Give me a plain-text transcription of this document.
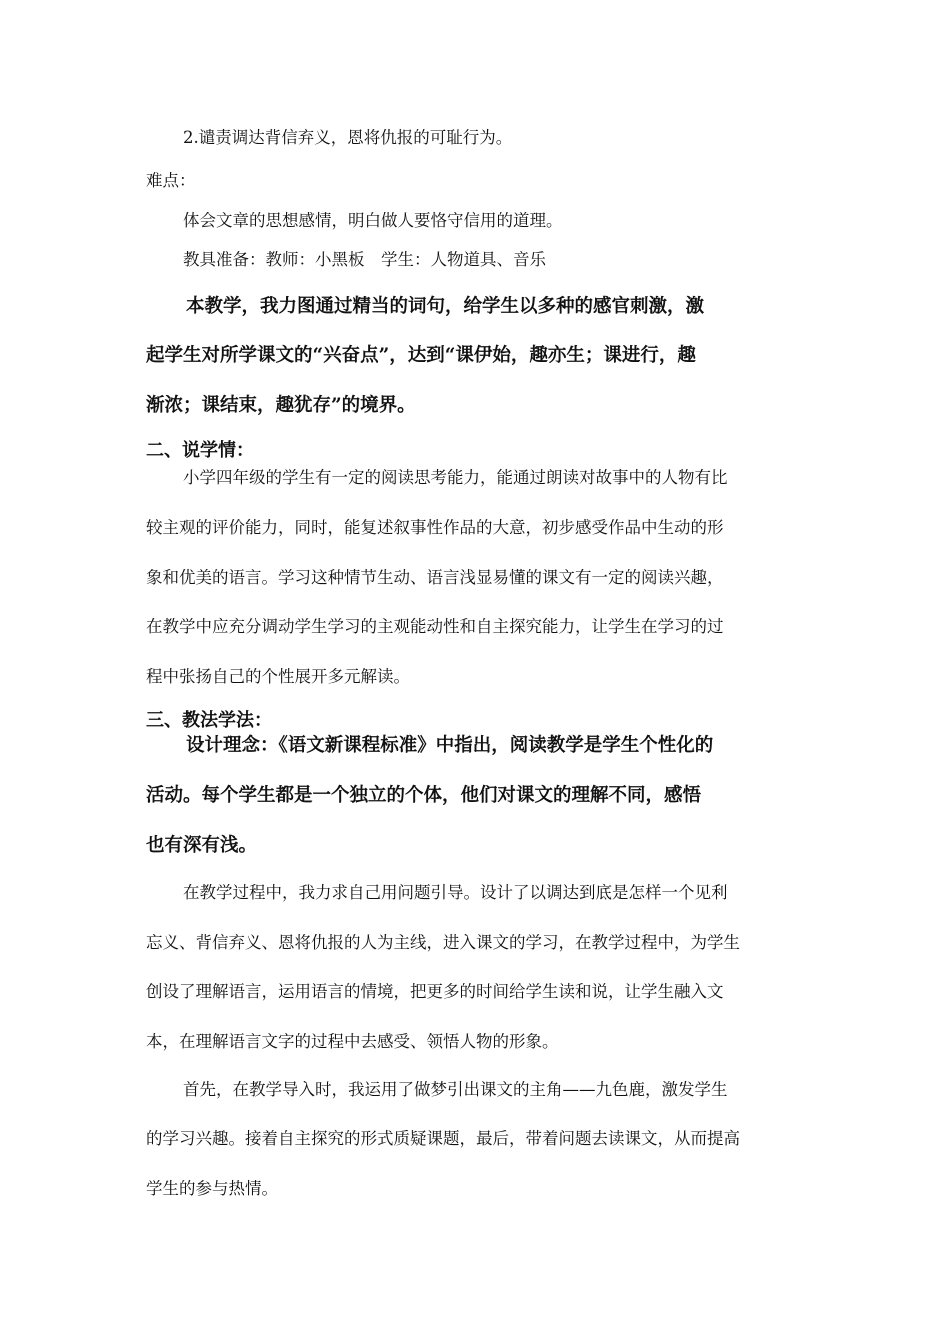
2.谴责调达背信弃义，恩将仇报的可耻行为。
难点：
体会文章的思想感情，明白做人要恪守信用的道理。
教具准备：教师：小黑板　学生：人物道具、音乐
本教学，我力图通过精当的词句，给学生以多种的感官刺激，激
起学生对所学课文的“兴奋点”，达到“课伊始，趣亦生；课进行，趣
渐浓；课结束，趣犹存”的境界。
二、说学情：
小学四年级的学生有一定的阅读思考能力，能通过朗读对故事中的人物有比
较主观的评价能力，同时，能复述叙事性作品的大意，初步感受作品中生动的形
象和优美的语言。学习这种情节生动、语言浅显易懂的课文有一定的阅读兴趣，
在教学中应充分调动学生学习的主观能动性和自主探究能力，让学生在学习的过
程中张扬自己的个性展开多元解读。
三、教法学法：
设计理念：《语文新课程标准》中指出，阅读教学是学生个性化的
活动。每个学生都是一个独立的个体，他们对课文的理解不同，感悟
也有深有浅。
在教学过程中，我力求自己用问题引导。设计了以调达到底是怎样一个见利
忘义、背信弃义、恩将仇报的人为主线，进入课文的学习，在教学过程中，为学生
创设了理解语言，运用语言的情境，把更多的时间给学生读和说，让学生融入文
本，在理解语言文字的过程中去感受、领悟人物的形象。
首先，在教学导入时，我运用了做梦引出课文的主角——九色鹿，激发学生
的学习兴趣。接着自主探究的形式质疑课题，最后，带着问题去读课文，从而提高
学生的参与热情。
